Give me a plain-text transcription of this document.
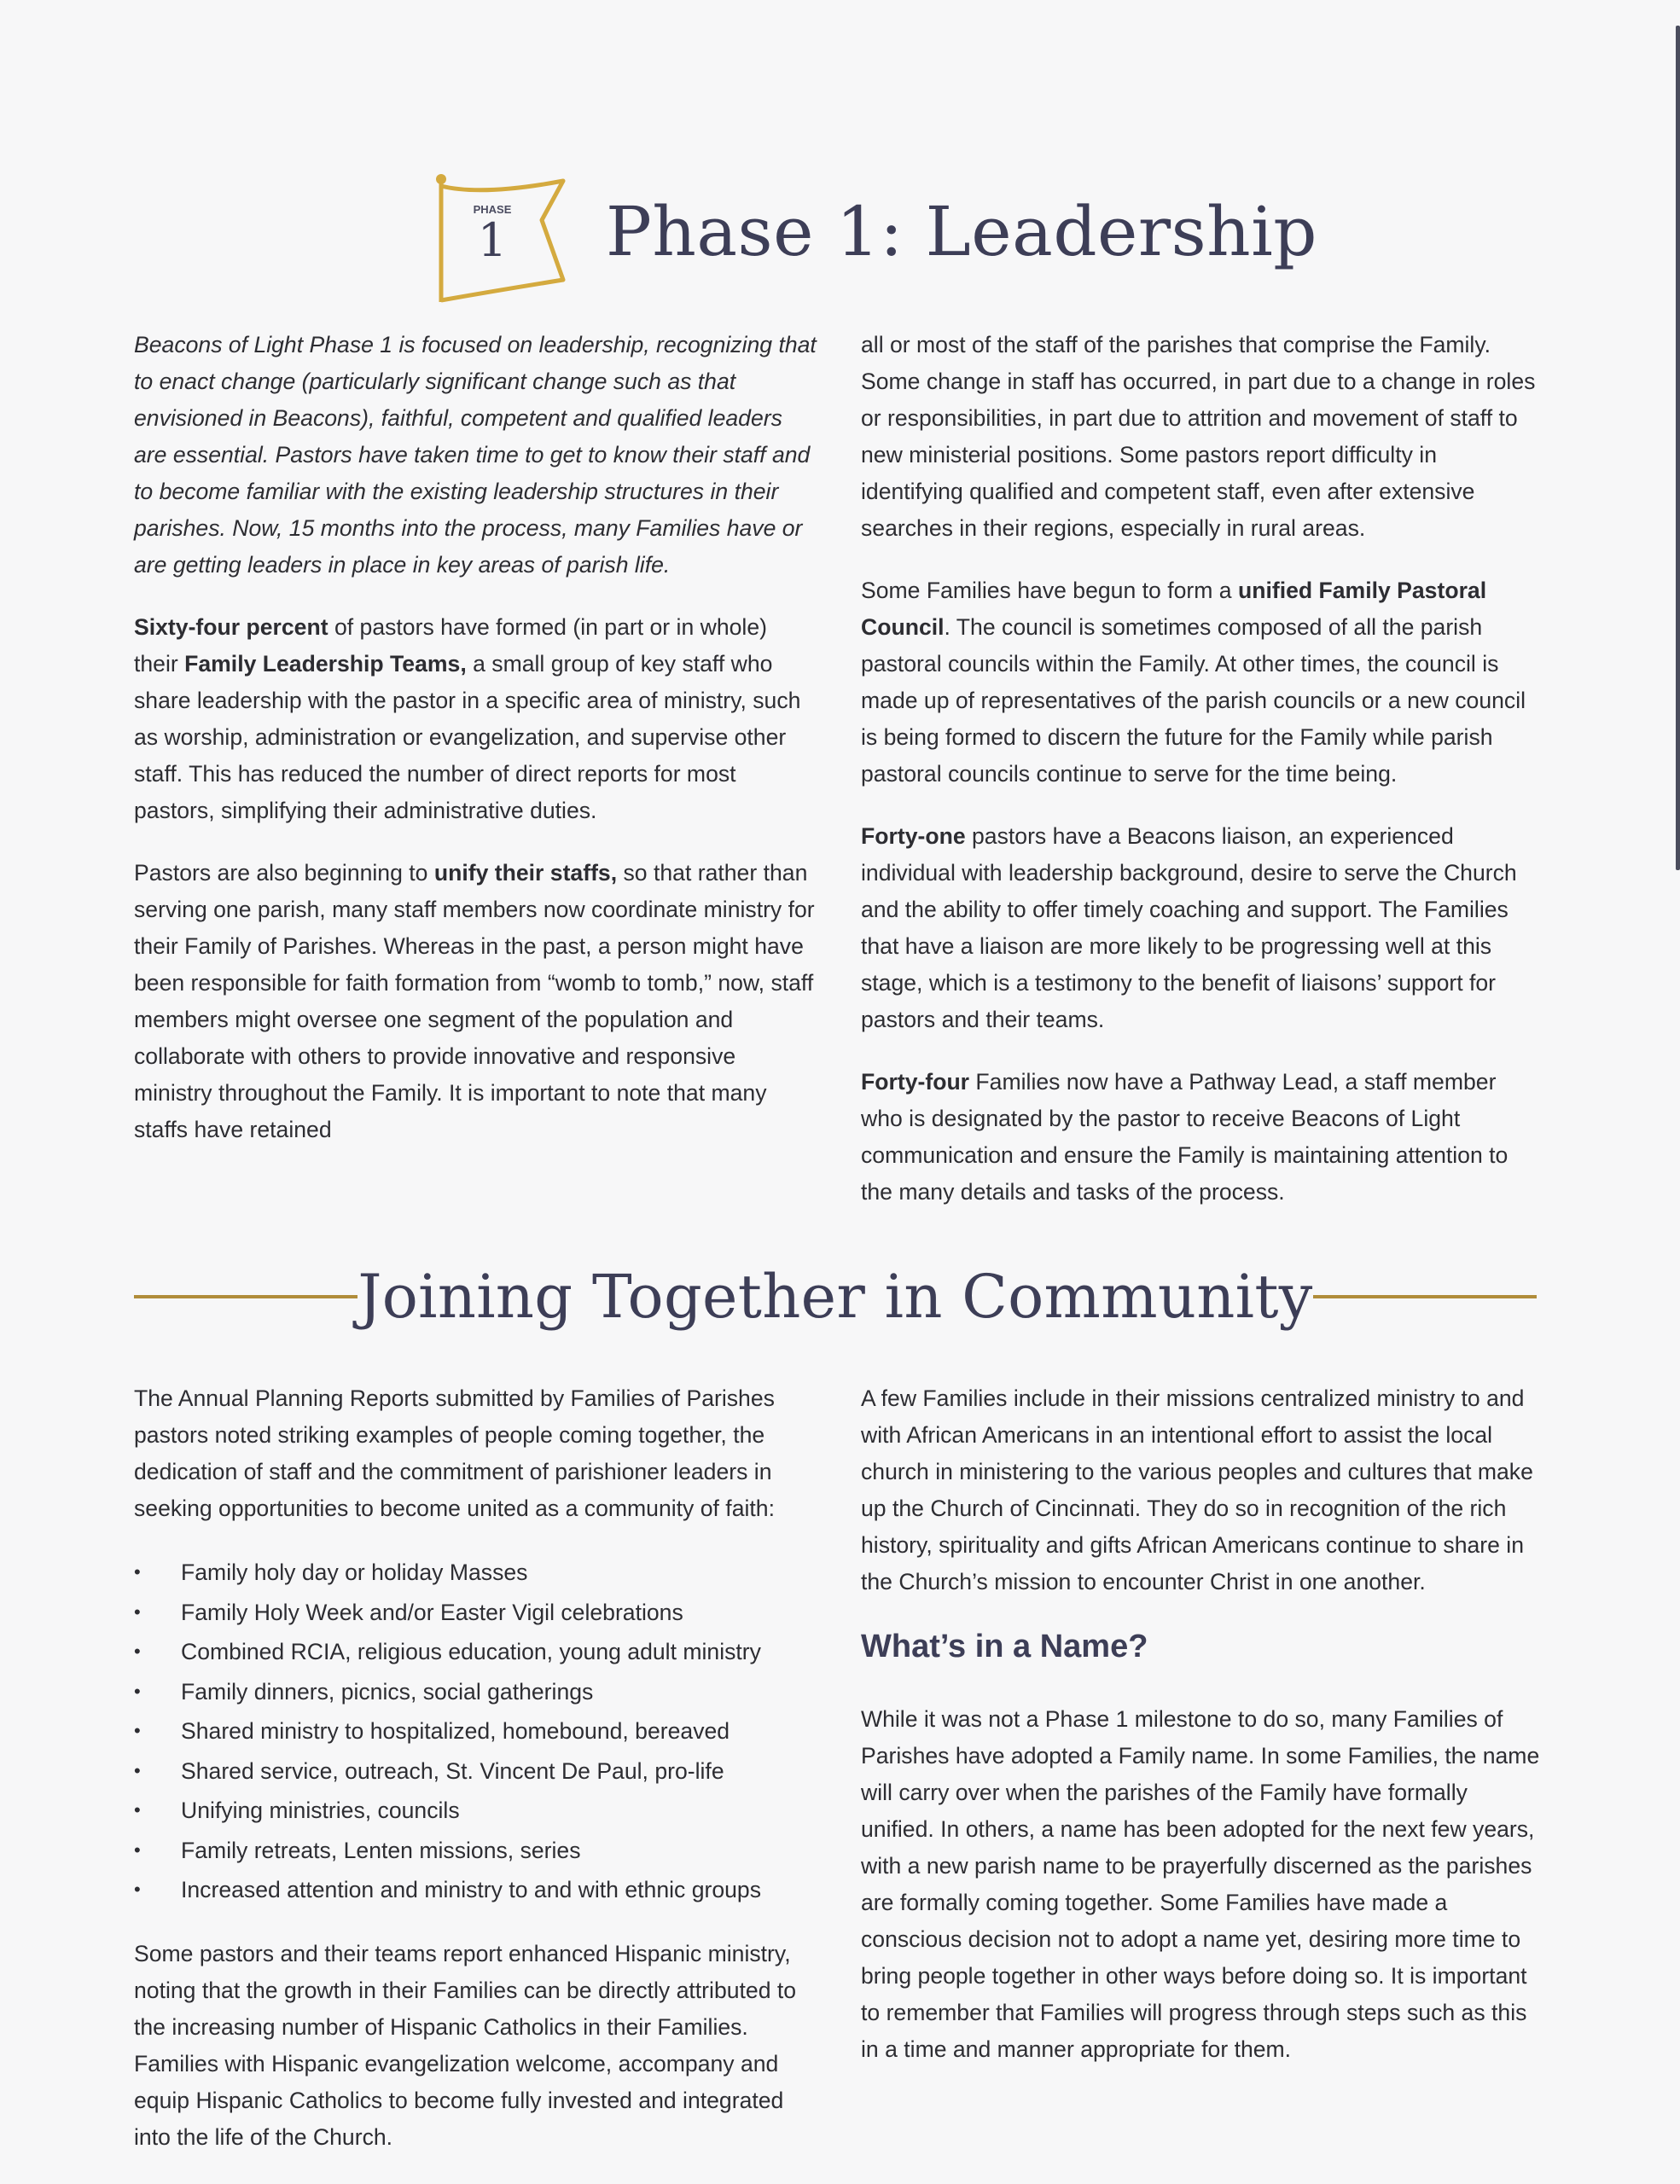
PHASE
1 Phase 1: Leadership

Beacons of Light Phase 1 is focused on leadership, recognizing that to enact change (particularly significant change such as that envisioned in Beacons), faithful, competent and qualified leaders are essential. Pastors have taken time to get to know their staff and to become familiar with the existing leadership structures in their parishes. Now, 15 months into the process, many Families have or are getting leaders in place in key areas of parish life.

Sixty-four percent of pastors have formed (in part or in whole) their Family Leadership Teams, a small group of key staff who share leadership with the pastor in a specific area of ministry, such as worship, administration or evangelization, and supervise other staff. This has reduced the number of direct reports for most pastors, simplifying their administrative duties.

Pastors are also beginning to unify their staffs, so that rather than serving one parish, many staff members now coordinate ministry for their Family of Parishes. Whereas in the past, a person might have been responsible for faith formation from “womb to tomb,” now, staff members might oversee one segment of the population and collaborate with others to provide innovative and responsive ministry throughout the Family. It is important to note that many staffs have retained

all or most of the staff of the parishes that comprise the Family. Some change in staff has occurred, in part due to a change in roles or responsibilities, in part due to attrition and movement of staff to new ministerial positions. Some pastors report difficulty in identifying qualified and competent staff, even after extensive searches in their regions, especially in rural areas.

Some Families have begun to form a unified Family Pastoral Council. The council is sometimes composed of all the parish pastoral councils within the Family. At other times, the council is made up of representatives of the parish councils or a new council is being formed to discern the future for the Family while parish pastoral councils continue to serve for the time being.

Forty-one pastors have a Beacons liaison, an experienced individual with leadership background, desire to serve the Church and the ability to offer timely coaching and support. The Families that have a liaison are more likely to be progressing well at this stage, which is a testimony to the benefit of liaisons’ support for pastors and their teams.

Forty-four Families now have a Pathway Lead, a staff member who is designated by the pastor to receive Beacons of Light communication and ensure the Family is maintaining attention to the many details and tasks of the process.

Joining Together in Community

The Annual Planning Reports submitted by Families of Parishes pastors noted striking examples of people coming together, the dedication of staff and the commitment of parishioner leaders in seeking opportunities to become united as a community of faith:

• Family holy day or holiday Masses
• Family Holy Week and/or Easter Vigil celebrations
• Combined RCIA, religious education, young adult ministry
• Family dinners, picnics, social gatherings
• Shared ministry to hospitalized, homebound, bereaved
• Shared service, outreach, St. Vincent De Paul, pro-life
• Unifying ministries, councils
• Family retreats, Lenten missions, series
• Increased attention and ministry to and with ethnic groups

Some pastors and their teams report enhanced Hispanic ministry, noting that the growth in their Families can be directly attributed to the increasing number of Hispanic Catholics in their Families. Families with Hispanic evangelization welcome, accompany and equip Hispanic Catholics to become fully invested and integrated into the life of the Church.

A few Families include in their missions centralized ministry to and with African Americans in an intentional effort to assist the local church in ministering to the various peoples and cultures that make up the Church of Cincinnati. They do so in recognition of the rich history, spirituality and gifts African Americans continue to share in the Church’s mission to encounter Christ in one another.

What’s in a Name?

While it was not a Phase 1 milestone to do so, many Families of Parishes have adopted a Family name. In some Families, the name will carry over when the parishes of the Family have formally unified. In others, a name has been adopted for the next few years, with a new parish name to be prayerfully discerned as the parishes are formally coming together. Some Families have made a conscious decision not to adopt a name yet, desiring more time to bring people together in other ways before doing so. It is important to remember that Families will progress through steps such as this in a time and manner appropriate for them.
